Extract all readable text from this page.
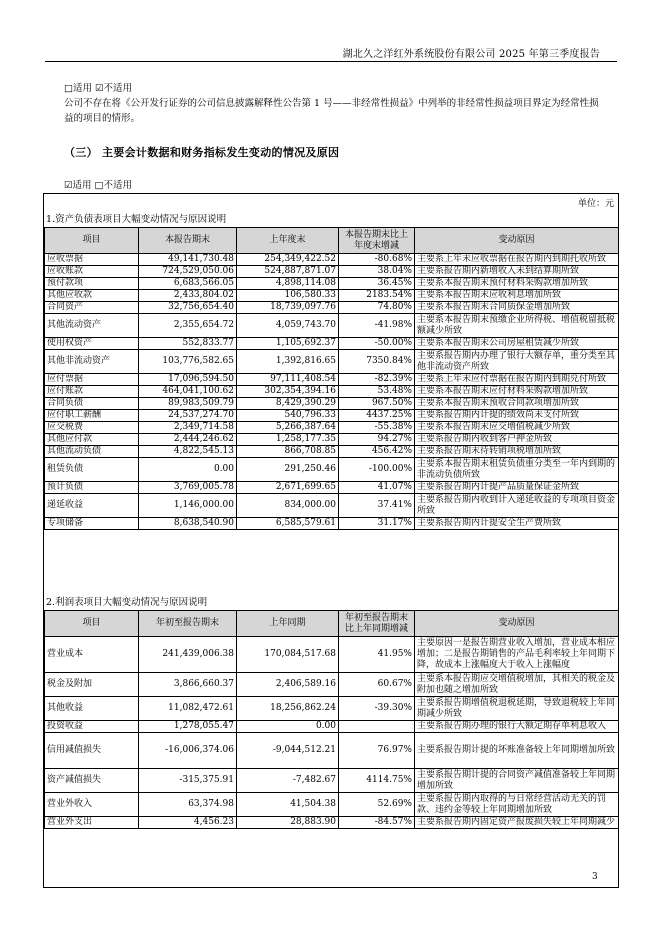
湖北久之洋红外系统股份有限公司 2025 年第三季度报告
□适用 ☑不适用
公司不存在将《公开发行证券的公司信息披露解释性公告第 1 号——非经常性损益》中列举的非经常性损益项目界定为经常性损益的项目的情形。
（三） 主要会计数据和财务指标发生变动的情况及原因
☑适用 □不适用
单位：元
1.资产负债表项目大幅变动情况与原因说明
项目	本报告期末	上年度末	本报告期末比上年度末增减	变动原因
应收票据	49,141,730.48	254,349,422.52	-80.68%	主要系上年末应收票据在报告期内到期托收所致
应收账款	724,529,050.06	524,887,871.07	38.04%	主要系报告期内新增收入未到结算期所致
预付款项	6,683,566.05	4,898,114.08	36.45%	主要系本报告期末预付材料采购款增加所致
其他应收款	2,433,804.02	106,580.33	2183.54%	主要系本报告期末应收利息增加所致
合同资产	32,756,654.40	18,739,097.76	74.80%	主要系本报告期末合同质保金增加所致
其他流动资产	2,355,654.72	4,059,743.70	-41.98%	主要系本报告期末预缴企业所得税、增值税留抵税额减少所致
使用权资产	552,833.77	1,105,692.37	-50.00%	主要系本报告期末公司房屋租赁减少所致
其他非流动资产	103,776,582.65	1,392,816.65	7350.84%	主要系报告期内办理了银行大额存单，重分类至其他非流动资产所致
应付票据	17,096,594.50	97,111,408.54	-82.39%	主要系上年末应付票据在报告期内到期兑付所致
应付账款	464,041,100.62	302,354,394.16	53.48%	主要系本报告期末应付材料采购款增加所致
合同负债	89,983,509.79	8,429,390.29	967.50%	主要系本报告期末预收合同款项增加所致
应付职工薪酬	24,537,274.70	540,796.33	4437.25%	主要系报告期内计提的绩效尚未支付所致
应交税费	2,349,714.58	5,266,387.64	-55.38%	主要系本报告期末应交增值税减少所致
其他应付款	2,444,246.62	1,258,177.35	94.27%	主要系报告期内收到客户押金所致
其他流动负债	4,822,545.13	866,708.85	456.42%	主要系报告期末待转销项税增加所致
租赁负债	0.00	291,250.46	-100.00%	主要系本报告期末租赁负债重分类至一年内到期的非流动负债所致
预计负债	3,769,005.78	2,671,699.65	41.07%	主要系报告期内计提产品质量保证金所致
递延收益	1,146,000.00	834,000.00	37.41%	主要系报告期内收到计入递延收益的专项项目资金所致
专项储备	8,638,540.90	6,585,579.61	31.17%	主要系报告期内计提安全生产费所致
2.利润表项目大幅变动情况与原因说明
项目	年初至报告期末	上年同期	年初至报告期末比上年同期增减	变动原因
营业成本	241,439,006.38	170,084,517.68	41.95%	主要原因一是报告期营业收入增加，营业成本相应增加；二是报告期销售的产品毛利率较上年同期下降，故成本上涨幅度大于收入上涨幅度
税金及附加	3,866,660.37	2,406,589.16	60.67%	主要系本报告期应交增值税增加，其相关的税金及附加也随之增加所致
其他收益	11,082,472.61	18,256,862.24	-39.30%	主要系报告期增值税退税延期，导致退税较上年同期减少所致
投资收益	1,278,055.47	0.00		主要系报告期办理的银行大额定期存单利息收入
信用减值损失	-16,006,374.06	-9,044,512.21	76.97%	主要系报告期计提的坏账准备较上年同期增加所致
资产减值损失	-315,375.91	-7,482.67	4114.75%	主要系报告期计提的合同资产减值准备较上年同期增加所致
营业外收入	63,374.98	41,504.38	52.69%	主要系报告期内取得的与日常经营活动无关的罚款、违约金等较上年同期增加所致
营业外支出	4,456.23	28,883.90	-84.57%	主要系报告期内固定资产报废损失较上年同期减少
3
